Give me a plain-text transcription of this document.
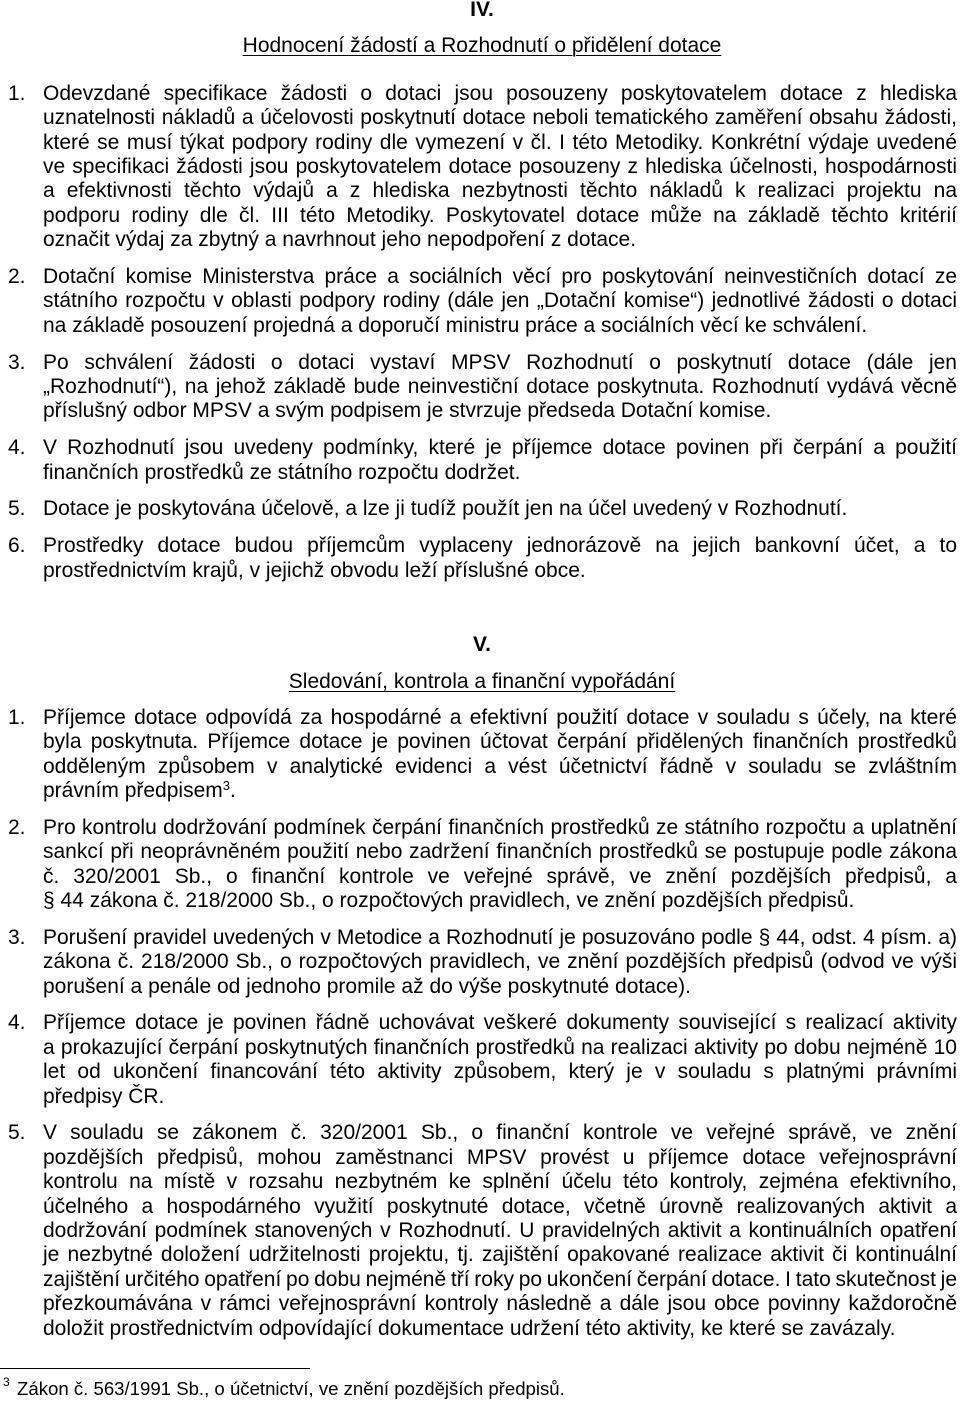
IV.
Hodnocení žádostí a Rozhodnutí o přidělení dotace
1. Odevzdané specifikace žádosti o dotaci jsou posouzeny poskytovatelem dotace z hlediska
uznatelnosti nákladů a účelovosti poskytnutí dotace neboli tematického zaměření obsahu žádosti,
které se musí týkat podpory rodiny dle vymezení v čl. I této Metodiky. Konkrétní výdaje uvedené
ve specifikaci žádosti jsou poskytovatelem dotace posouzeny z hlediska účelnosti, hospodárnosti
a efektivnosti těchto výdajů a z hlediska nezbytnosti těchto nákladů k realizaci projektu na
podporu rodiny dle čl. III této Metodiky. Poskytovatel dotace může na základě těchto kritérií
označit výdaj za zbytný a navrhnout jeho nepodpoření z dotace.
2. Dotační komise Ministerstva práce a sociálních věcí pro poskytování neinvestičních dotací ze
státního rozpočtu v oblasti podpory rodiny (dále jen „Dotační komise“) jednotlivé žádosti o dotaci
na základě posouzení projedná a doporučí ministru práce a sociálních věcí ke schválení.
3. Po schválení žádosti o dotaci vystaví MPSV Rozhodnutí o poskytnutí dotace (dále jen
„Rozhodnutí“), na jehož základě bude neinvestiční dotace poskytnuta. Rozhodnutí vydává věcně
příslušný odbor MPSV a svým podpisem je stvrzuje předseda Dotační komise.
4. V Rozhodnutí jsou uvedeny podmínky, které je příjemce dotace povinen při čerpání a použití
finančních prostředků ze státního rozpočtu dodržet.
5. Dotace je poskytována účelově, a lze ji tudíž použít jen na účel uvedený v Rozhodnutí.
6. Prostředky dotace budou příjemcům vyplaceny jednorázově na jejich bankovní účet, a to
prostřednictvím krajů, v jejichž obvodu leží příslušné obce.
V.
Sledování, kontrola a finanční vypořádání
1. Příjemce dotace odpovídá za hospodárné a efektivní použití dotace v souladu s účely, na které
byla poskytnuta. Příjemce dotace je povinen účtovat čerpání přidělených finančních prostředků
odděleným způsobem v analytické evidenci a vést účetnictví řádně v souladu se zvláštním
právním předpisem$^3$.
2. Pro kontrolu dodržování podmínek čerpání finančních prostředků ze státního rozpočtu a uplatnění
sankcí při neoprávněném použití nebo zadržení finančních prostředků se postupuje podle zákona
č. 320/2001 Sb., o finanční kontrole ve veřejné správě, ve znění pozdějších předpisů, a
§ 44 zákona č. 218/2000 Sb., o rozpočtových pravidlech, ve znění pozdějších předpisů.
3. Porušení pravidel uvedených v Metodice a Rozhodnutí je posuzováno podle § 44, odst. 4 písm. a)
zákona č. 218/2000 Sb., o rozpočtových pravidlech, ve znění pozdějších předpisů (odvod ve výši
porušení a penále od jednoho promile až do výše poskytnuté dotace).
4. Příjemce dotace je povinen řádně uchovávat veškeré dokumenty související s realizací aktivity
a prokazující čerpání poskytnutých finančních prostředků na realizaci aktivity po dobu nejméně 10
let od ukončení financování této aktivity způsobem, který je v souladu s platnými právními
předpisy ČR.
5. V souladu se zákonem č. 320/2001 Sb., o finanční kontrole ve veřejné správě, ve znění
pozdějších předpisů, mohou zaměstnanci MPSV provést u příjemce dotace veřejnosprávní
kontrolu na místě v rozsahu nezbytném ke splnění účelu této kontroly, zejména efektivního,
účelného a hospodárného využití poskytnuté dotace, včetně úrovně realizovaných aktivit a
dodržování podmínek stanovených v Rozhodnutí. U pravidelných aktivit a kontinuálních opatření
je nezbytné doložení udržitelnosti projektu, tj. zajištění opakované realizace aktivit či kontinuální
zajištění určitého opatření po dobu nejméně tří roky po ukončení čerpání dotace. I tato skutečnost je
přezkoumávána v rámci veřejnosprávní kontroly následně a dále jsou obce povinny každoročně
doložit prostřednictvím odpovídající dokumentace udržení této aktivity, ke které se zavázaly.
3 Zákon č. 563/1991 Sb., o účetnictví, ve znění pozdějších předpisů.
